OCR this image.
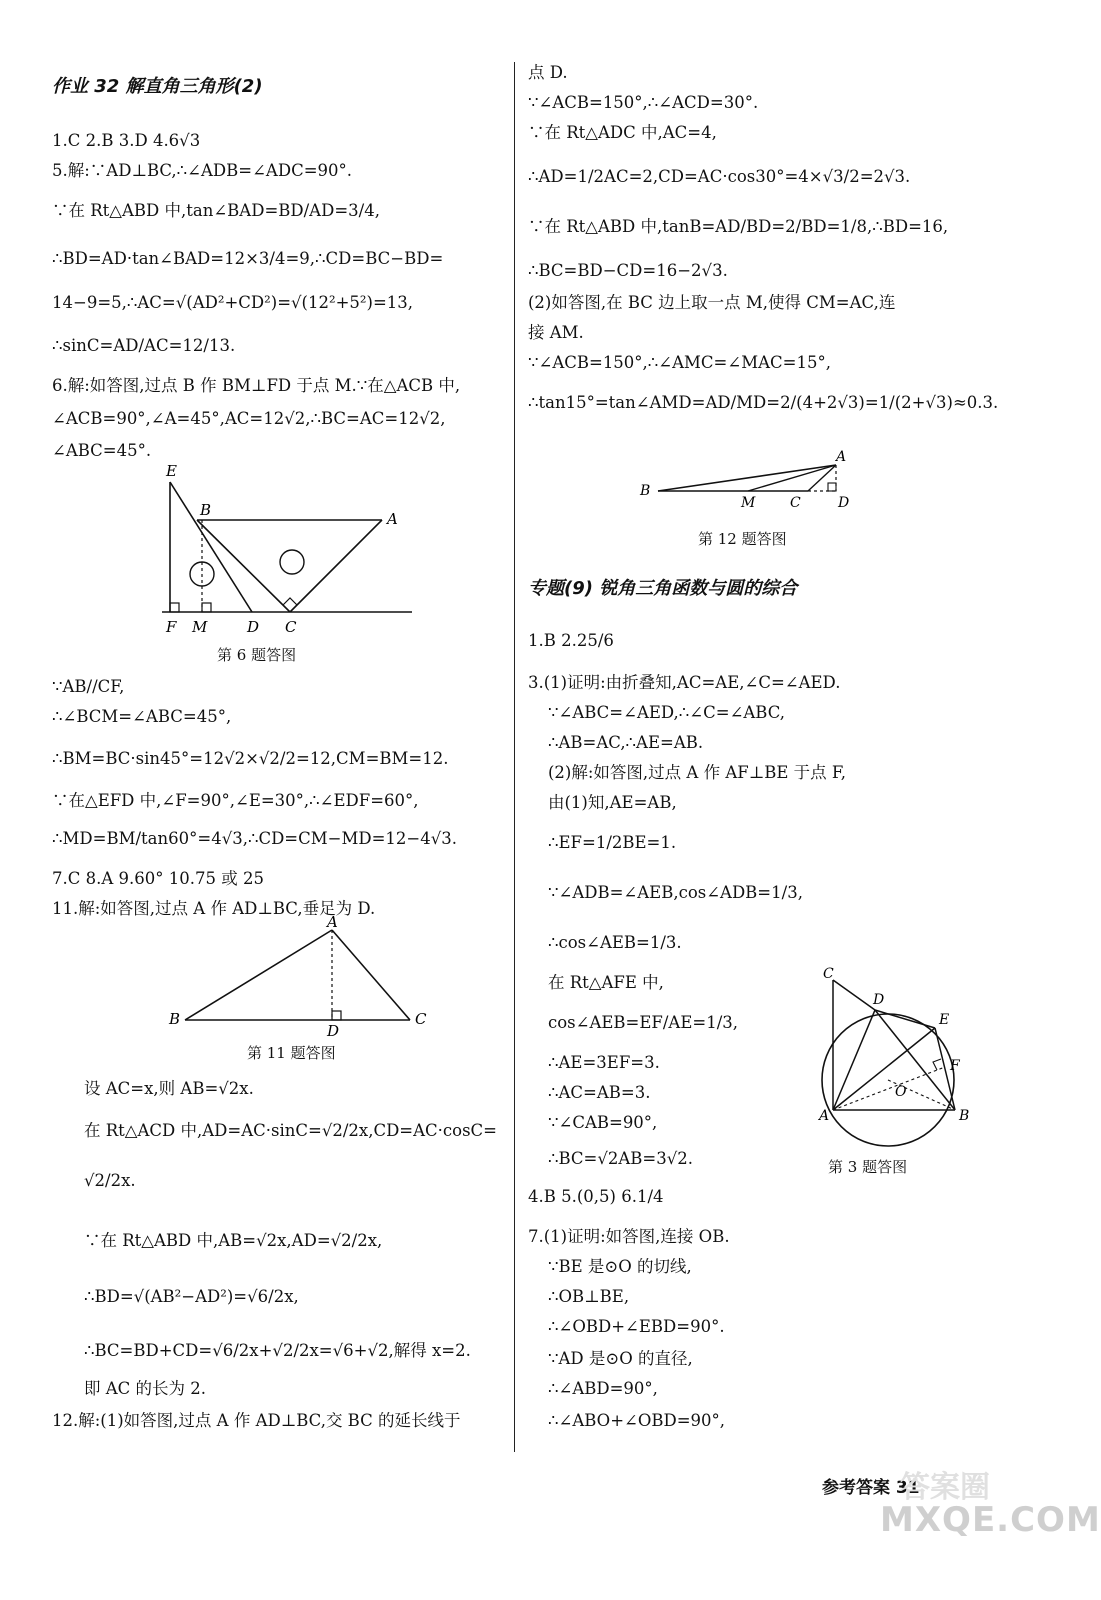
作业 32 解直角三角形(2)
1.C 2.B 3.D 4.6√3
5.解:∵AD⊥BC,∴∠ADB=∠ADC=90°.
∵在 Rt△ABD 中,tan∠BAD=BD/AD=3/4,
∴BD=AD·tan∠BAD=12×3/4=9,∴CD=BC−BD=
14−9=5,∴AC=√(AD²+CD²)=√(12²+5²)=13,
∴sinC=AD/AC=12/13.
6.解:如答图,过点 B 作 BM⊥FD 于点 M.∵在△ACB 中,
∠ACB=90°,∠A=45°,AC=12√2,∴BC=AC=12√2,
∠ABC=45°.
E
B	A
F M	D C
第 6 题答图
∵AB//CF,
∴∠BCM=∠ABC=45°,
∴BM=BC·sin45°=12√2×√2/2=12,CM=BM=12.
∵在△EFD 中,∠F=90°,∠E=30°,∴∠EDF=60°,
∴MD=BM/tan60°=4√3,∴CD=CM−MD=12−4√3.
7.C 8.A 9.60° 10.75 或 25
11.解:如答图,过点 A 作 AD⊥BC,垂足为 D.
A
B
D
C
第 11 题答图
设 AC=x,则 AB=√2x.
在 Rt△ACD 中,AD=AC·sinC=√2/2x,CD=AC·cosC=
√2/2x.
∵在 Rt△ABD 中,AB=√2x,AD=√2/2x,
∴BD=√(AB²−AD²)=√6/2x,
∴BC=BD+CD=√6/2x+√2/2x=√6+√2,解得 x=2.
即 AC 的长为 2.
12.解:(1)如答图,过点 A 作 AD⊥BC,交 BC 的延长线于
点 D.
∵∠ACB=150°,∴∠ACD=30°.
∵在 Rt△ADC 中,AC=4,
∴AD=1/2AC=2,CD=AC·cos30°=4×√3/2=2√3.
∵在 Rt△ABD 中,tanB=AD/BD=2/BD=1/8,∴BD=16,
∴BC=BD−CD=16−2√3.
(2)如答图,在 BC 边上取一点 M,使得 CM=AC,连
接 AM.
∵∠ACB=150°,∴∠AMC=∠MAC=15°,
∴tan15°=tan∠AMD=AD/MD=2/(4+2√3)=1/(2+√3)≈0.3.
A
B
M C	D
第 12 题答图
专题(9) 锐角三角函数与圆的综合
1.B 2.25/6
3.(1)证明:由折叠知,AC=AE,∠C=∠AED.
∵∠ABC=∠AED,∴∠C=∠ABC,
∴AB=AC,∴AE=AB.
(2)解:如答图,过点 A 作 AF⊥BE 于点 F,
由(1)知,AE=AB,
∴EF=1/2BE=1.
∵∠ADB=∠AEB,cos∠ADB=1/3,
∴cos∠AEB=1/3.
在 Rt△AFE 中,
cos∠AEB=EF/AE=1/3,
∴AE=3EF=3.
∴AC=AB=3.
∵∠CAB=90°,
∴BC=√2AB=3√2.
4.B 5.(0,5) 6.1/4
7.(1)证明:如答图,连接 OB.
∵BE 是⊙O 的切线,
∴OB⊥BE,
∴∠OBD+∠EBD=90°.
∵AD 是⊙O 的直径,
∴∠ABD=90°,
∴∠ABO+∠OBD=90°,
C
D
E
F
O
A	B
第 3 题答图
参考答案 31
答案圈
MXQE.COM
